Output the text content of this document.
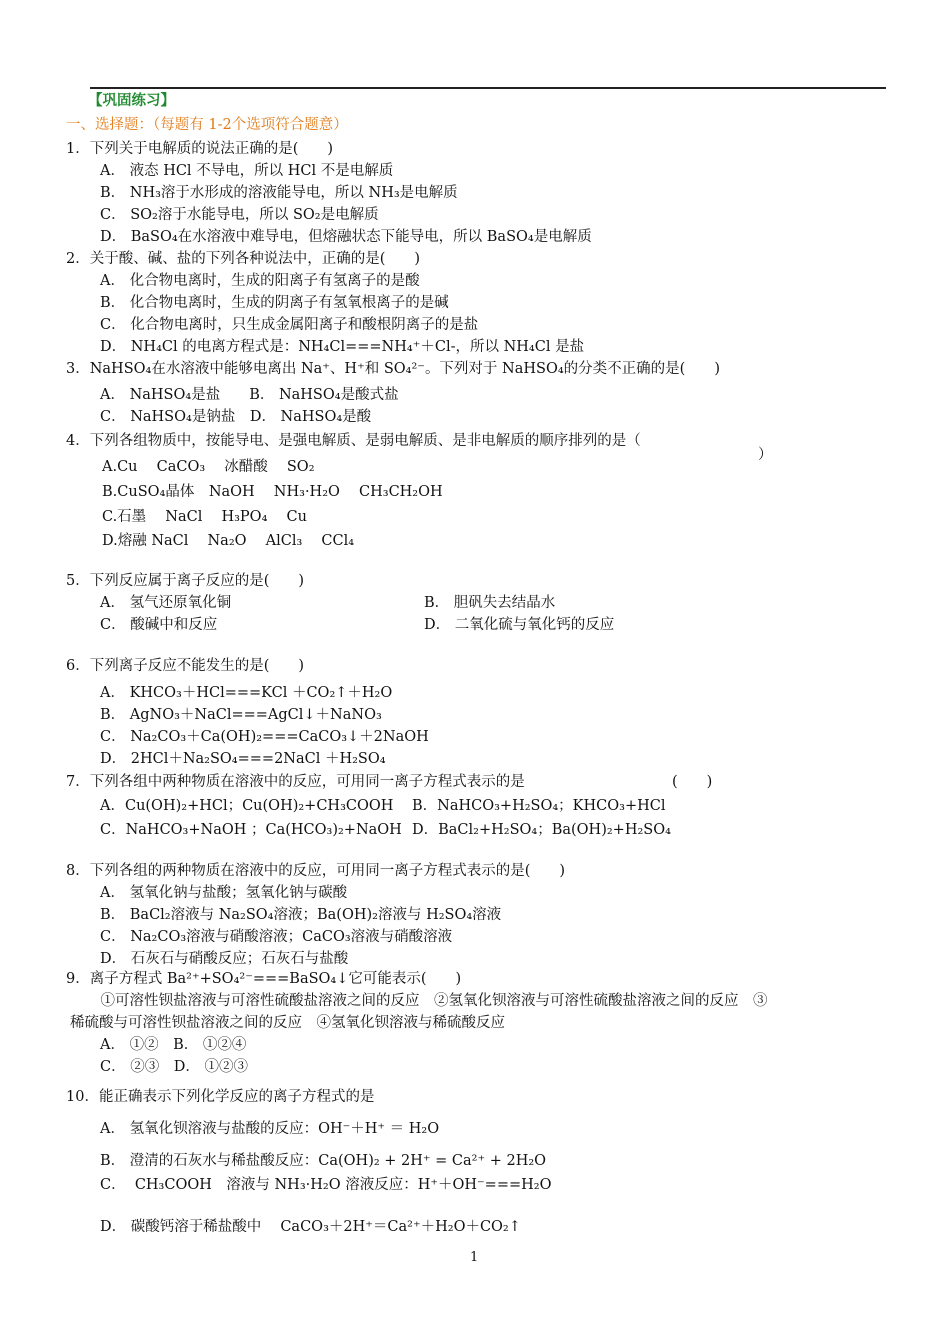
【巩固练习】
一、选择题：（每题有 1-2个选项符合题意）
1．下列关于电解质的说法正确的是(　　)
A． 液态 HCl 不导电，所以 HCl 不是电解质
B． NH₃溶于水形成的溶液能导电，所以 NH₃是电解质
C． SO₂溶于水能导电，所以 SO₂是电解质
D． BaSO₄在水溶液中难导电，但熔融状态下能导电，所以 BaSO₄是电解质
2．关于酸、碱、盐的下列各种说法中，正确的是(　　)
A． 化合物电离时，生成的阳离子有氢离子的是酸
B． 化合物电离时，生成的阴离子有氢氧根离子的是碱
C． 化合物电离时，只生成金属阳离子和酸根阴离子的是盐
D． NH₄Cl 的电离方程式是：NH₄Cl===NH₄⁺＋Cl-，所以 NH₄Cl 是盐
3．NaHSO₄在水溶液中能够电离出 Na⁺、H⁺和 SO₄²⁻。下列对于 NaHSO₄的分类不正确的是(　　)
A． NaHSO₄是盐　　B． NaHSO₄是酸式盐
C． NaHSO₄是钠盐　D． NaHSO₄是酸
4．下列各组物质中，按能导电、是强电解质、是弱电解质、是非电解质的顺序排列的是（
）
A.Cu　 CaCO₃　 冰醋酸　 SO₂
B.CuSO₄晶体　NaOH　 NH₃·H₂O　 CH₃CH₂OH
C.石墨　 NaCl　 H₃PO₄　 Cu
D.熔融 NaCl　 Na₂O　 AlCl₃　 CCl₄
5．下列反应属于离子反应的是(　　)
A． 氢气还原氧化铜	B． 胆矾失去结晶水
C． 酸碱中和反应	D． 二氧化硫与氧化钙的反应
6．下列离子反应不能发生的是(　　)
A． KHCO₃＋HCl===KCl ＋CO₂↑＋H₂O
B． AgNO₃＋NaCl===AgCl↓＋NaNO₃
C． Na₂CO₃＋Ca(OH)₂===CaCO₃↓＋2NaOH
D． 2HCl＋Na₂SO₄===2NaCl ＋H₂SO₄
7．下列各组中两种物质在溶液中的反应，可用同一离子方程式表示的是	(　　)
A．Cu(OH)₂+HCl；Cu(OH)₂+CH₃COOH B．NaHCO₃+H₂SO₄；KHCO₃+HCl
C．NaHCO₃+NaOH ；Ca(HCO₃)₂+NaOH D．BaCl₂+H₂SO₄；Ba(OH)₂+H₂SO₄
8．下列各组的两种物质在溶液中的反应，可用同一离子方程式表示的是(　　)
A． 氢氧化钠与盐酸；氢氧化钠与碳酸
B． BaCl₂溶液与 Na₂SO₄溶液；Ba(OH)₂溶液与 H₂SO₄溶液
C． Na₂CO₃溶液与硝酸溶液；CaCO₃溶液与硝酸溶液
D． 石灰石与硝酸反应；石灰石与盐酸
9．离子方程式 Ba²⁺+SO₄²⁻===BaSO₄↓它可能表示(　　)
　①可溶性钡盐溶液与可溶性硫酸盐溶液之间的反应　②氢氧化钡溶液与可溶性硫酸盐溶液之间的反应　③
稀硫酸与可溶性钡盐溶液之间的反应　④氢氧化钡溶液与稀硫酸反应
A． ①②　B． ①②④
C． ②③　D． ①②③
10．能正确表示下列化学反应的离子方程式的是
A． 氢氧化钡溶液与盐酸的反应：OH⁻＋H⁺ ＝ H₂O
B． 澄清的石灰水与稀盐酸反应：Ca(OH)₂ + 2H⁺ = Ca²⁺ + 2H₂O
C．  CH₃COOH　溶液与 NH₃·H₂O 溶液反应：H⁺＋OH⁻===H₂O
D． 碳酸钙溶于稀盐酸中　 CaCO₃＋2H⁺＝Ca²⁺＋H₂O＋CO₂↑
1
